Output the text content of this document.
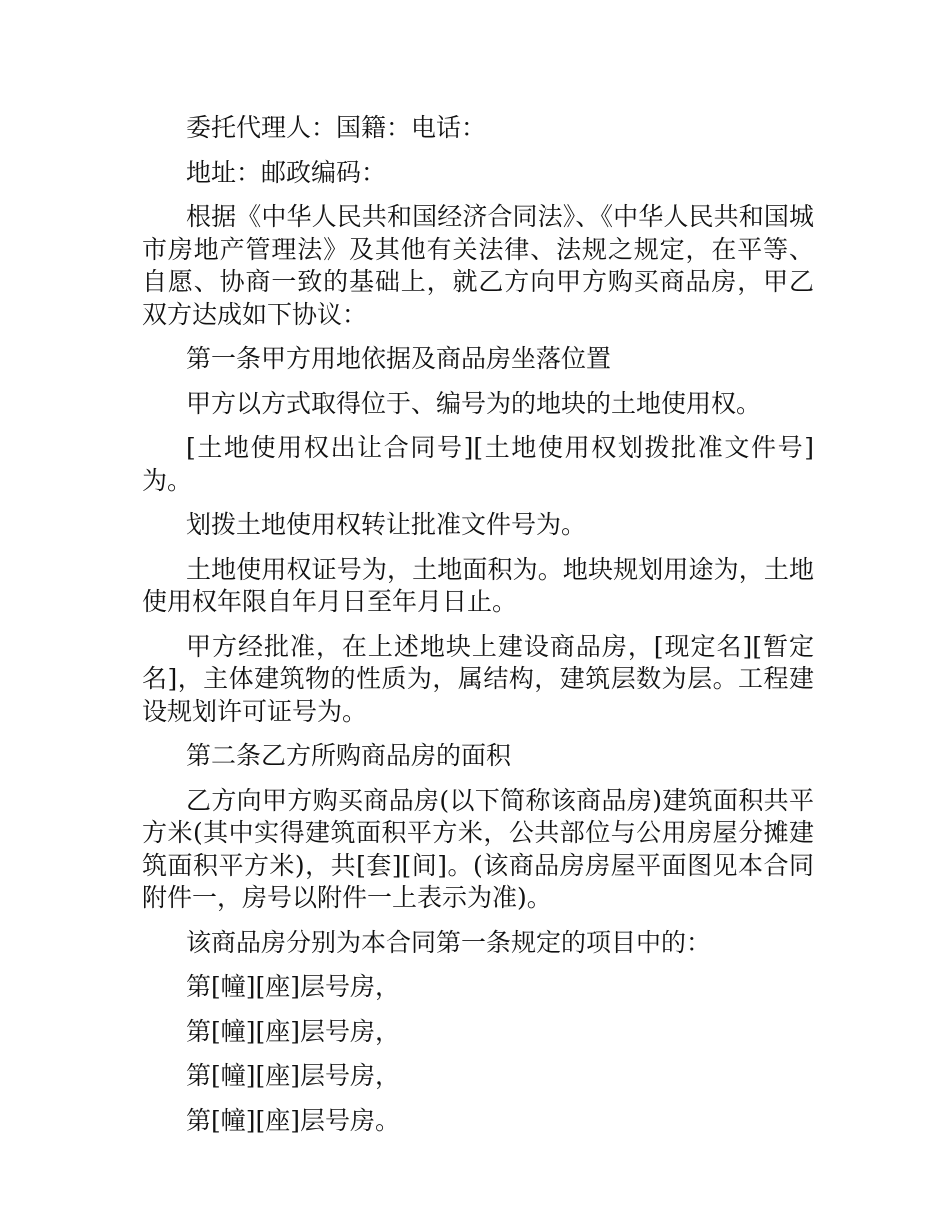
委托代理人：国籍：电话：

地址：邮政编码：

根据《中华人民共和国经济合同法》、《中华人民共和国城市房地产管理法》及其他有关法律、法规之规定，在平等、自愿、协商一致的基础上，就乙方向甲方购买商品房，甲乙双方达成如下协议：

第一条甲方用地依据及商品房坐落位置

甲方以方式取得位于、编号为的地块的土地使用权。

[土地使用权出让合同号][土地使用权划拨批准文件号]为。

划拨土地使用权转让批准文件号为。

土地使用权证号为，土地面积为。地块规划用途为，土地使用权年限自年月日至年月日止。

甲方经批准，在上述地块上建设商品房，[现定名][暂定名]，主体建筑物的性质为，属结构，建筑层数为层。工程建设规划许可证号为。

第二条乙方所购商品房的面积

乙方向甲方购买商品房(以下简称该商品房)建筑面积共平方米(其中实得建筑面积平方米，公共部位与公用房屋分摊建筑面积平方米)，共[套][间]。(该商品房房屋平面图见本合同附件一，房号以附件一上表示为准)。

该商品房分别为本合同第一条规定的项目中的：

第[幢][座]层号房，

第[幢][座]层号房，

第[幢][座]层号房，

第[幢][座]层号房。
